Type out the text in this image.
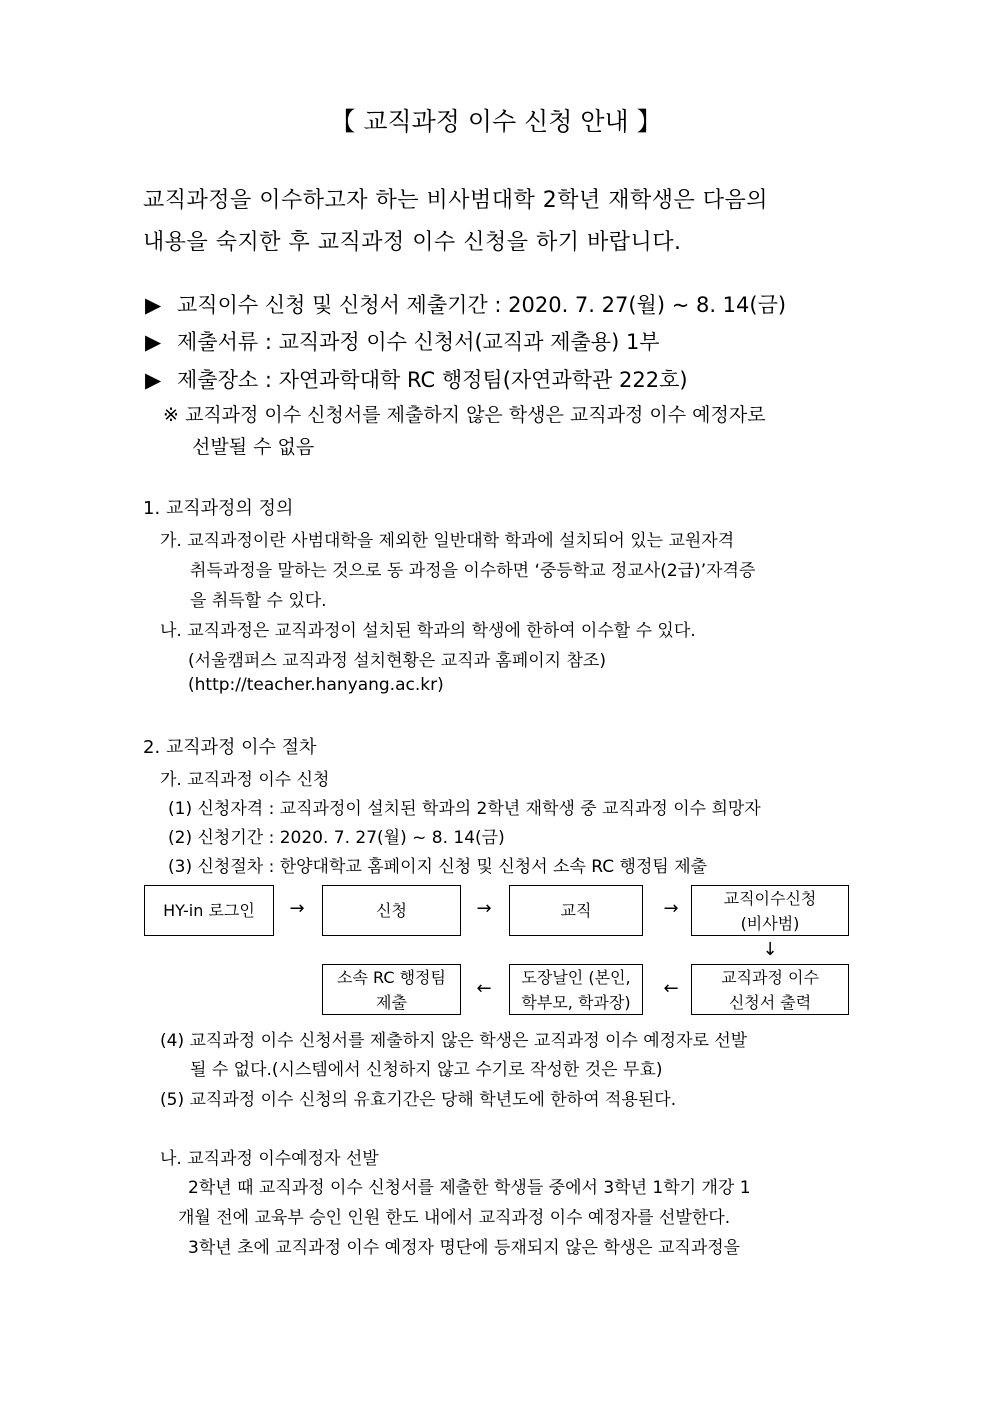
【 교직과정 이수 신청 안내 】
교직과정을 이수하고자 하는 비사범대학 2학년 재학생은 다음의
내용을 숙지한 후 교직과정 이수 신청을 하기 바랍니다.
▶ 교직이수 신청 및 신청서 제출기간 : 2020. 7. 27(월) ~ 8. 14(금)
▶ 제출서류 : 교직과정 이수 신청서(교직과 제출용) 1부
▶ 제출장소 : 자연과학대학 RC 행정팀(자연과학관 222호)
※ 교직과정 이수 신청서를 제출하지 않은 학생은 교직과정 이수 예정자로
선발될 수 없음
1. 교직과정의 정의
가. 교직과정이란 사범대학을 제외한 일반대학 학과에 설치되어 있는 교원자격
취득과정을 말하는 것으로 동 과정을 이수하면 ‘중등학교 정교사(2급)’자격증
을 취득할 수 있다.
나. 교직과정은 교직과정이 설치된 학과의 학생에 한하여 이수할 수 있다.
(서울캠퍼스 교직과정 설치현황은 교직과 홈페이지 참조)
(http://teacher.hanyang.ac.kr)
2. 교직과정 이수 절차
가. 교직과정 이수 신청
(1) 신청자격 : 교직과정이 설치된 학과의 2학년 재학생 중 교직과정 이수 희망자
(2) 신청기간 : 2020. 7. 27(월) ~ 8. 14(금)
(3) 신청절차 : 한양대학교 홈페이지 신청 및 신청서 소속 RC 행정팀 제출
HY-in 로그인 →	신청	→	교직	→	교직이수신청
(비사범)
↓
소속 RC 행정팀
제출
←
도장날인 (본인,
학부모, 학과장)
←
교직과정 이수
신청서 출력
(4) 교직과정 이수 신청서를 제출하지 않은 학생은 교직과정 이수 예정자로 선발
될 수 없다.(시스템에서 신청하지 않고 수기로 작성한 것은 무효)
(5) 교직과정 이수 신청의 유효기간은 당해 학년도에 한하여 적용된다.
나. 교직과정 이수예정자 선발
2학년 때 교직과정 이수 신청서를 제출한 학생들 중에서 3학년 1학기 개강 1
개월 전에 교육부 승인 인원 한도 내에서 교직과정 이수 예정자를 선발한다.
3학년 초에 교직과정 이수 예정자 명단에 등재되지 않은 학생은 교직과정을
